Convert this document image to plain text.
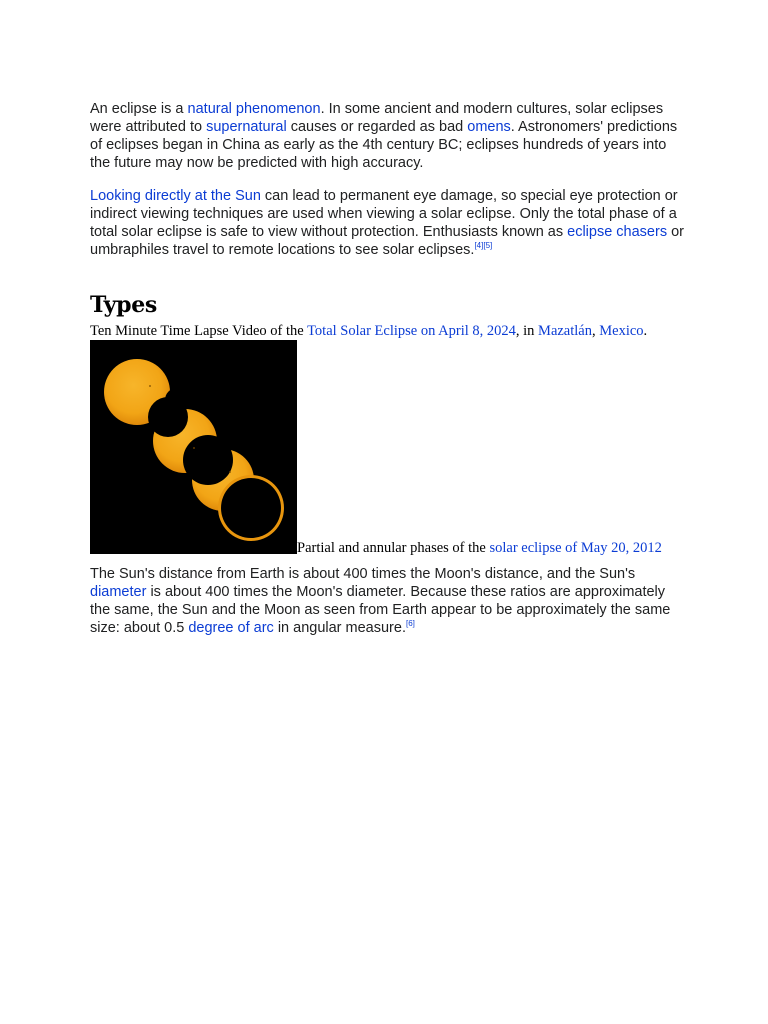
An eclipse is a natural phenomenon. In some ancient and modern cultures, solar eclipses were attributed to supernatural causes or regarded as bad omens. Astronomers' predictions of eclipses began in China as early as the 4th century BC; eclipses hundreds of years into the future may now be predicted with high accuracy.

Looking directly at the Sun can lead to permanent eye damage, so special eye protection or indirect viewing techniques are used when viewing a solar eclipse. Only the total phase of a total solar eclipse is safe to view without protection. Enthusiasts known as eclipse chasers or umbraphiles travel to remote locations to see solar eclipses.[4][5]

Types

Ten Minute Time Lapse Video of the Total Solar Eclipse on April 8, 2024, in Mazatlán, Mexico.

Partial and annular phases of the solar eclipse of May 20, 2012

The Sun's distance from Earth is about 400 times the Moon's distance, and the Sun's diameter is about 400 times the Moon's diameter. Because these ratios are approximately the same, the Sun and the Moon as seen from Earth appear to be approximately the same size: about 0.5 degree of arc in angular measure.[6]
